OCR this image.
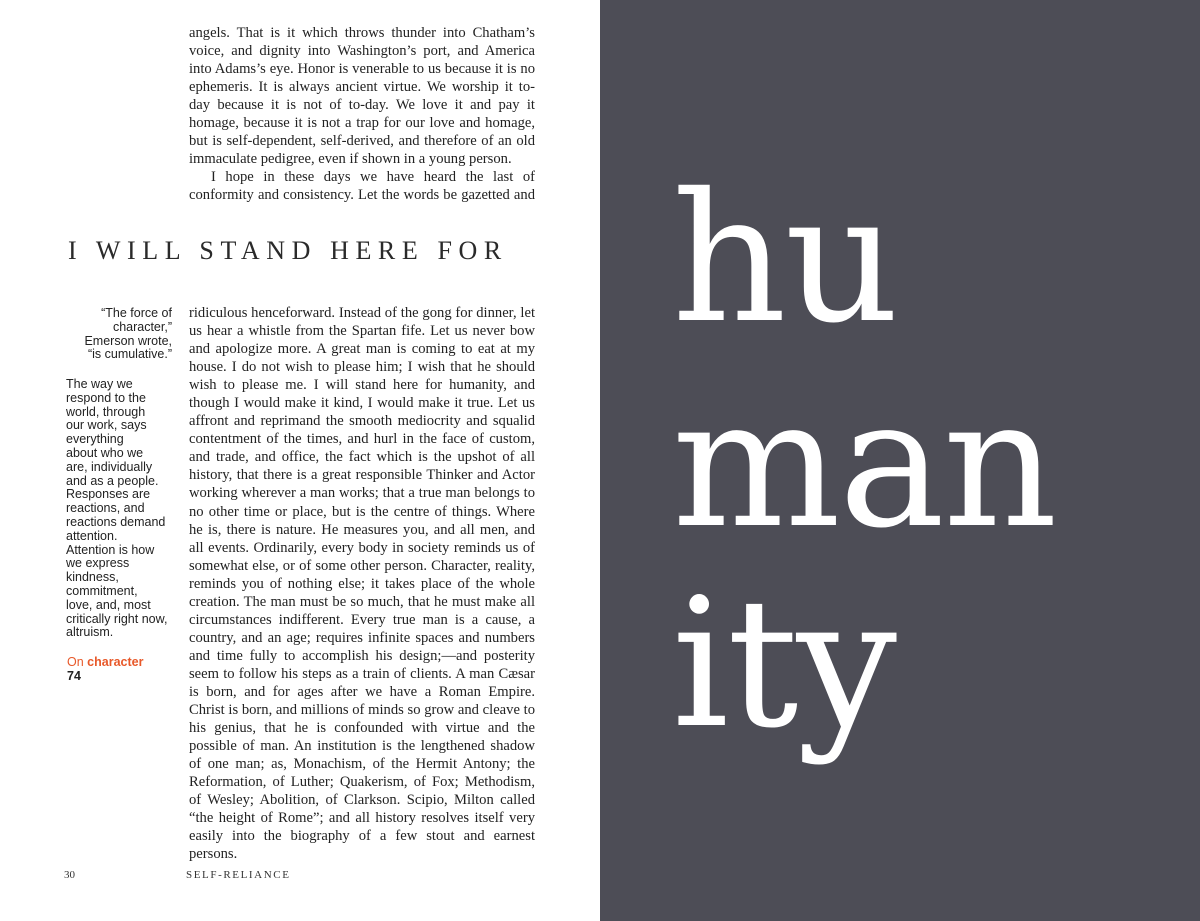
angels. That is it which throws thunder into Chatham’s voice, and dignity into Washington’s port, and America into Adams’s eye. Honor is venerable to us because it is no ephemeris. It is always ancient virtue. We worship it to-day because it is not of to-day. We love it and pay it homage, because it is not a trap for our love and homage, but is self-dependent, self-derived, and therefore of an old immaculate pedigree, even if shown in a young person.

I hope in these days we have heard the last of conformity and consistency. Let the words be gazetted and

I WILL STAND HERE FOR

ridiculous henceforward. Instead of the gong for dinner, let us hear a whistle from the Spartan fife. Let us never bow and apologize more. A great man is coming to eat at my house. I do not wish to please him; I wish that he should wish to please me. I will stand here for humanity, and though I would make it kind, I would make it true. Let us affront and reprimand the smooth mediocrity and squalid contentment of the times, and hurl in the face of custom, and trade, and office, the fact which is the upshot of all history, that there is a great responsible Thinker and Actor working wherever a man works; that a true man belongs to no other time or place, but is the centre of things. Where he is, there is nature. He measures you, and all men, and all events. Ordinarily, every body in society reminds us of somewhat else, or of some other person. Character, reality, reminds you of nothing else; it takes place of the whole creation. The man must be so much, that he must make all circumstances indifferent. Every true man is a cause, a country, and an age; requires infinite spaces and numbers and time fully to accomplish his design;—and posterity seem to follow his steps as a train of clients. A man Cæsar is born, and for ages after we have a Roman Empire. Christ is born, and millions of minds so grow and cleave to his genius, that he is confounded with virtue and the possible of man. An institution is the lengthened shadow of one man; as, Monachism, of the Hermit Antony; the Reformation, of Luther; Quakerism, of Fox; Methodism, of Wesley; Abolition, of Clarkson. Scipio, Milton called “the height of Rome”; and all history resolves itself very easily into the biography of a few stout and earnest persons.

“The force of
character,”
Emerson wrote,
“is cumulative.”
The way we
respond to the
world, through
our work, says
everything
about who we
are, individually
and as a people.
Responses are
reactions, and
reactions demand
attention.
Attention is how
we express
kindness,
commitment,
love, and, most
critically right now,
altruism.
On character
74
30	SELF-RELIANCE
hu
man
ity
